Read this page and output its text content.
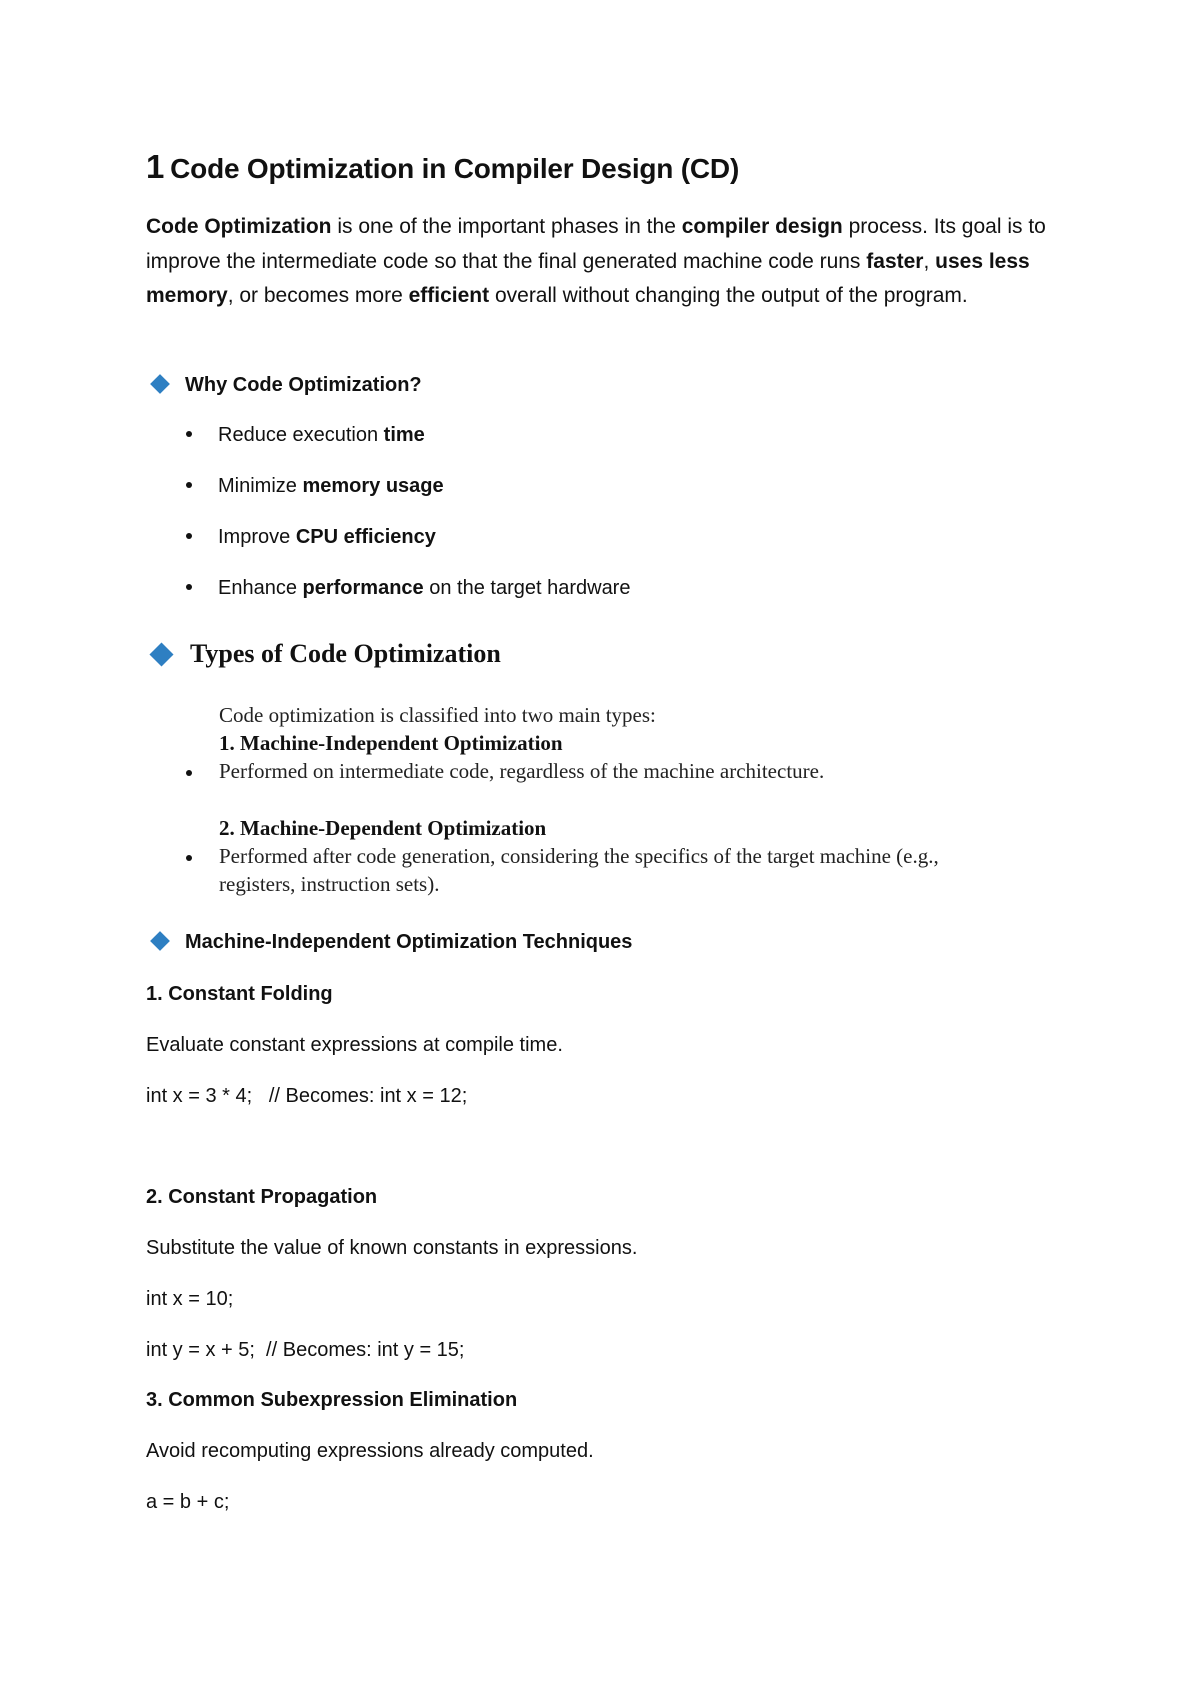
1 Code Optimization in Compiler Design (CD)
Code Optimization is one of the important phases in the compiler design process. Its goal is to improve the intermediate code so that the final generated machine code runs faster, uses less memory, or becomes more efficient overall without changing the output of the program.
Why Code Optimization?
Reduce execution time
Minimize memory usage
Improve CPU efficiency
Enhance performance on the target hardware
Types of Code Optimization
Code optimization is classified into two main types:
1. Machine-Independent Optimization
Performed on intermediate code, regardless of the machine architecture.
2. Machine-Dependent Optimization
Performed after code generation, considering the specifics of the target machine (e.g.,
registers, instruction sets).
Machine-Independent Optimization Techniques
1. Constant Folding
Evaluate constant expressions at compile time.
int x = 3 * 4;   // Becomes: int x = 12;
2. Constant Propagation
Substitute the value of known constants in expressions.
int x = 10;
int y = x + 5;  // Becomes: int y = 15;
3. Common Subexpression Elimination
Avoid recomputing expressions already computed.
a = b + c;
